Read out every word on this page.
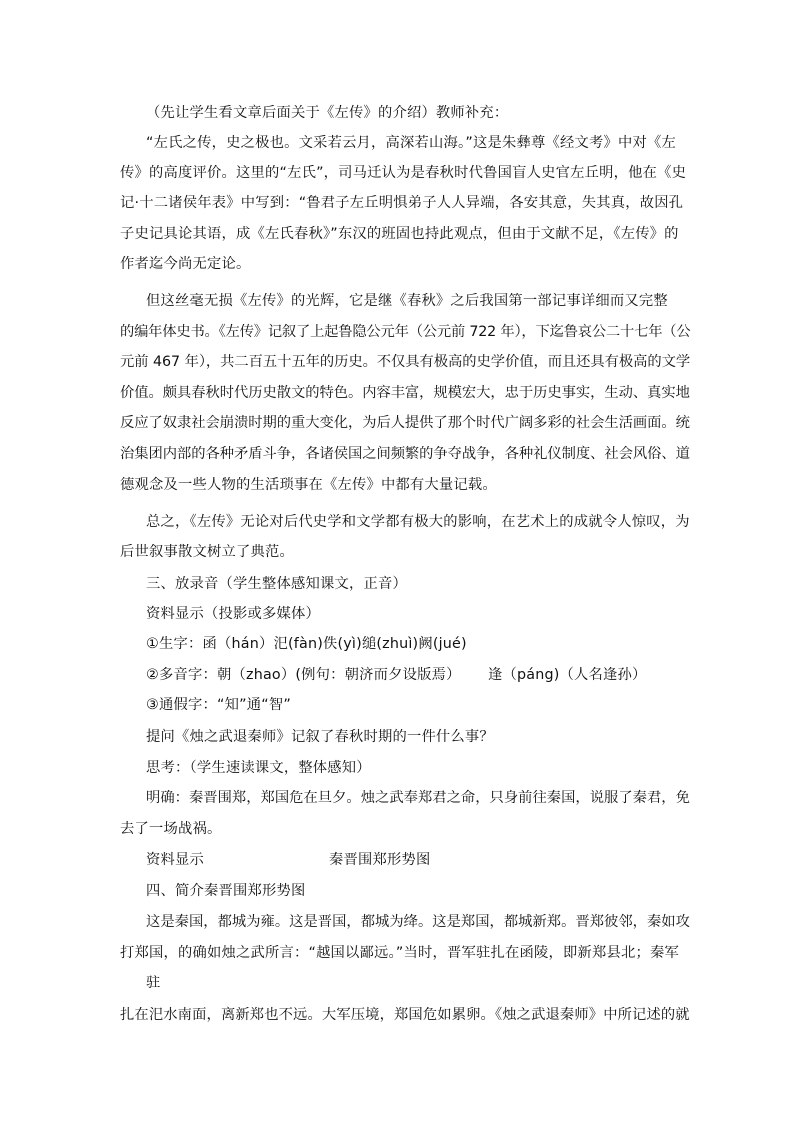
（先让学生看文章后面关于《左传》的介绍）教师补充：
“左氏之传，史之极也。文采若云月，高深若山海。”这是朱彝尊《经文考》中对《左
传》的高度评价。这里的“左氏”，司马迁认为是春秋时代鲁国盲人史官左丘明，他在《史
记·十二诸侯年表》中写到：“鲁君子左丘明惧弟子人人异端，各安其意，失其真，故因孔
子史记具论其语，成《左氏春秋》”东汉的班固也持此观点，但由于文献不足，《左传》的
作者迄今尚无定论。
但这丝毫无损《左传》的光辉，它是继《春秋》之后我国第一部记事详细而又完整
的编年体史书。《左传》记叙了上起鲁隐公元年（公元前 722 年），下迄鲁哀公二十七年（公
元前 467 年），共二百五十五年的历史。不仅具有极高的史学价值，而且还具有极高的文学
价值。颇具春秋时代历史散文的特色。内容丰富，规模宏大，忠于历史事实，生动、真实地
反应了奴隶社会崩溃时期的重大变化，为后人提供了那个时代广阔多彩的社会生活画面。统
治集团内部的各种矛盾斗争，各诸侯国之间频繁的争夺战争，各种礼仪制度、社会风俗、道
德观念及一些人物的生活琐事在《左传》中都有大量记载。
总之，《左传》无论对后代史学和文学都有极大的影响，在艺术上的成就令人惊叹，为
后世叙事散文树立了典范。
三、放录音（学生整体感知课文，正音）
资料显示（投影或多媒体）
①生字：函（hán）汜(fàn)佚(yì)缒(zhuì)阙(jué)
②多音字：朝（zhao）(例句：朝济而夕设版焉） 逢（páng)（人名逢孙）
③通假字：“知”通“智”
提问《烛之武退秦师》记叙了春秋时期的一件什么事？
思考：（学生速读课文，整体感知）
明确：秦晋围郑，郑国危在旦夕。烛之武奉郑君之命，只身前往秦国，说服了秦君，免
去了一场战祸。
资料显示	秦晋围郑形势图
四、简介秦晋围郑形势图
这是秦国，都城为雍。这是晋国，都城为绛。这是郑国，都城新郑。晋郑彼邻，秦如攻
打郑国，的确如烛之武所言：“越国以鄙远。”当时，晋军驻扎在函陵，即新郑县北；秦军
驻
扎在汜水南面，离新郑也不远。大军压境，郑国危如累卵。《烛之武退秦师》中所记述的就
